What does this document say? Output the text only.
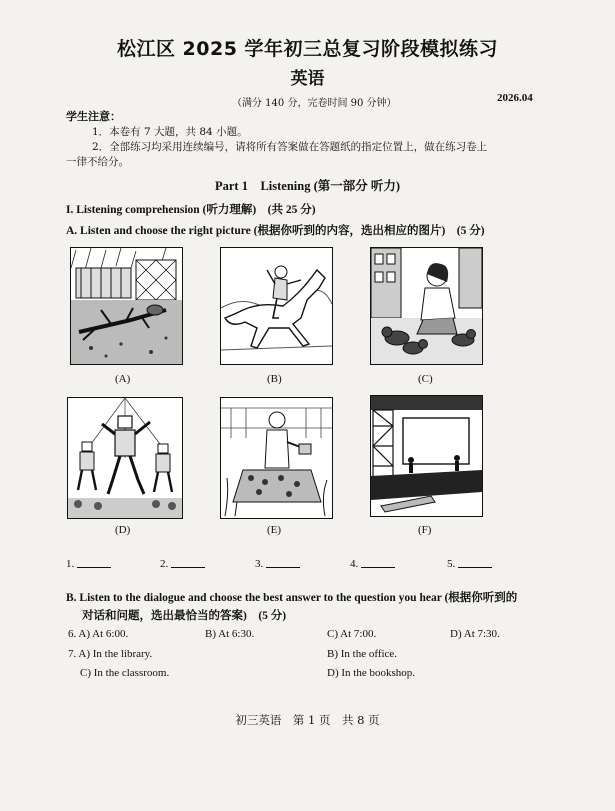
松江区 2025 学年初三总复习阶段模拟练习
英语
（满分 140 分，完卷时间 90 分钟）	2026.04
学生注意：
1．本卷有 7 大题，共 84 小题。
2．全部练习均采用连续编号，请将所有答案做在答题纸的指定位置上，做在练习卷上
一律不给分。
Part 1　Listening (第一部分 听力)
I. Listening comprehension (听力理解)　(共 25 分)
A. Listen and choose the right picture (根据你听到的内容，选出相应的图片)　(5 分)
(A)	(B)	(C)
(D)	(E)	(F)
1.	2.	3.	4.	5.
B. Listen to the dialogue and choose the best answer to the question you hear (根据你听到的
对话和问题，选出最恰当的答案)　(5 分)
6. A) At 6:00.	B) At 6:30.	C) At 7:00.	D) At 7:30.
7. A) In the library.	B) In the office.
C) In the classroom.	D) In the bookshop.
初三英语　第 1 页　共 8 页
